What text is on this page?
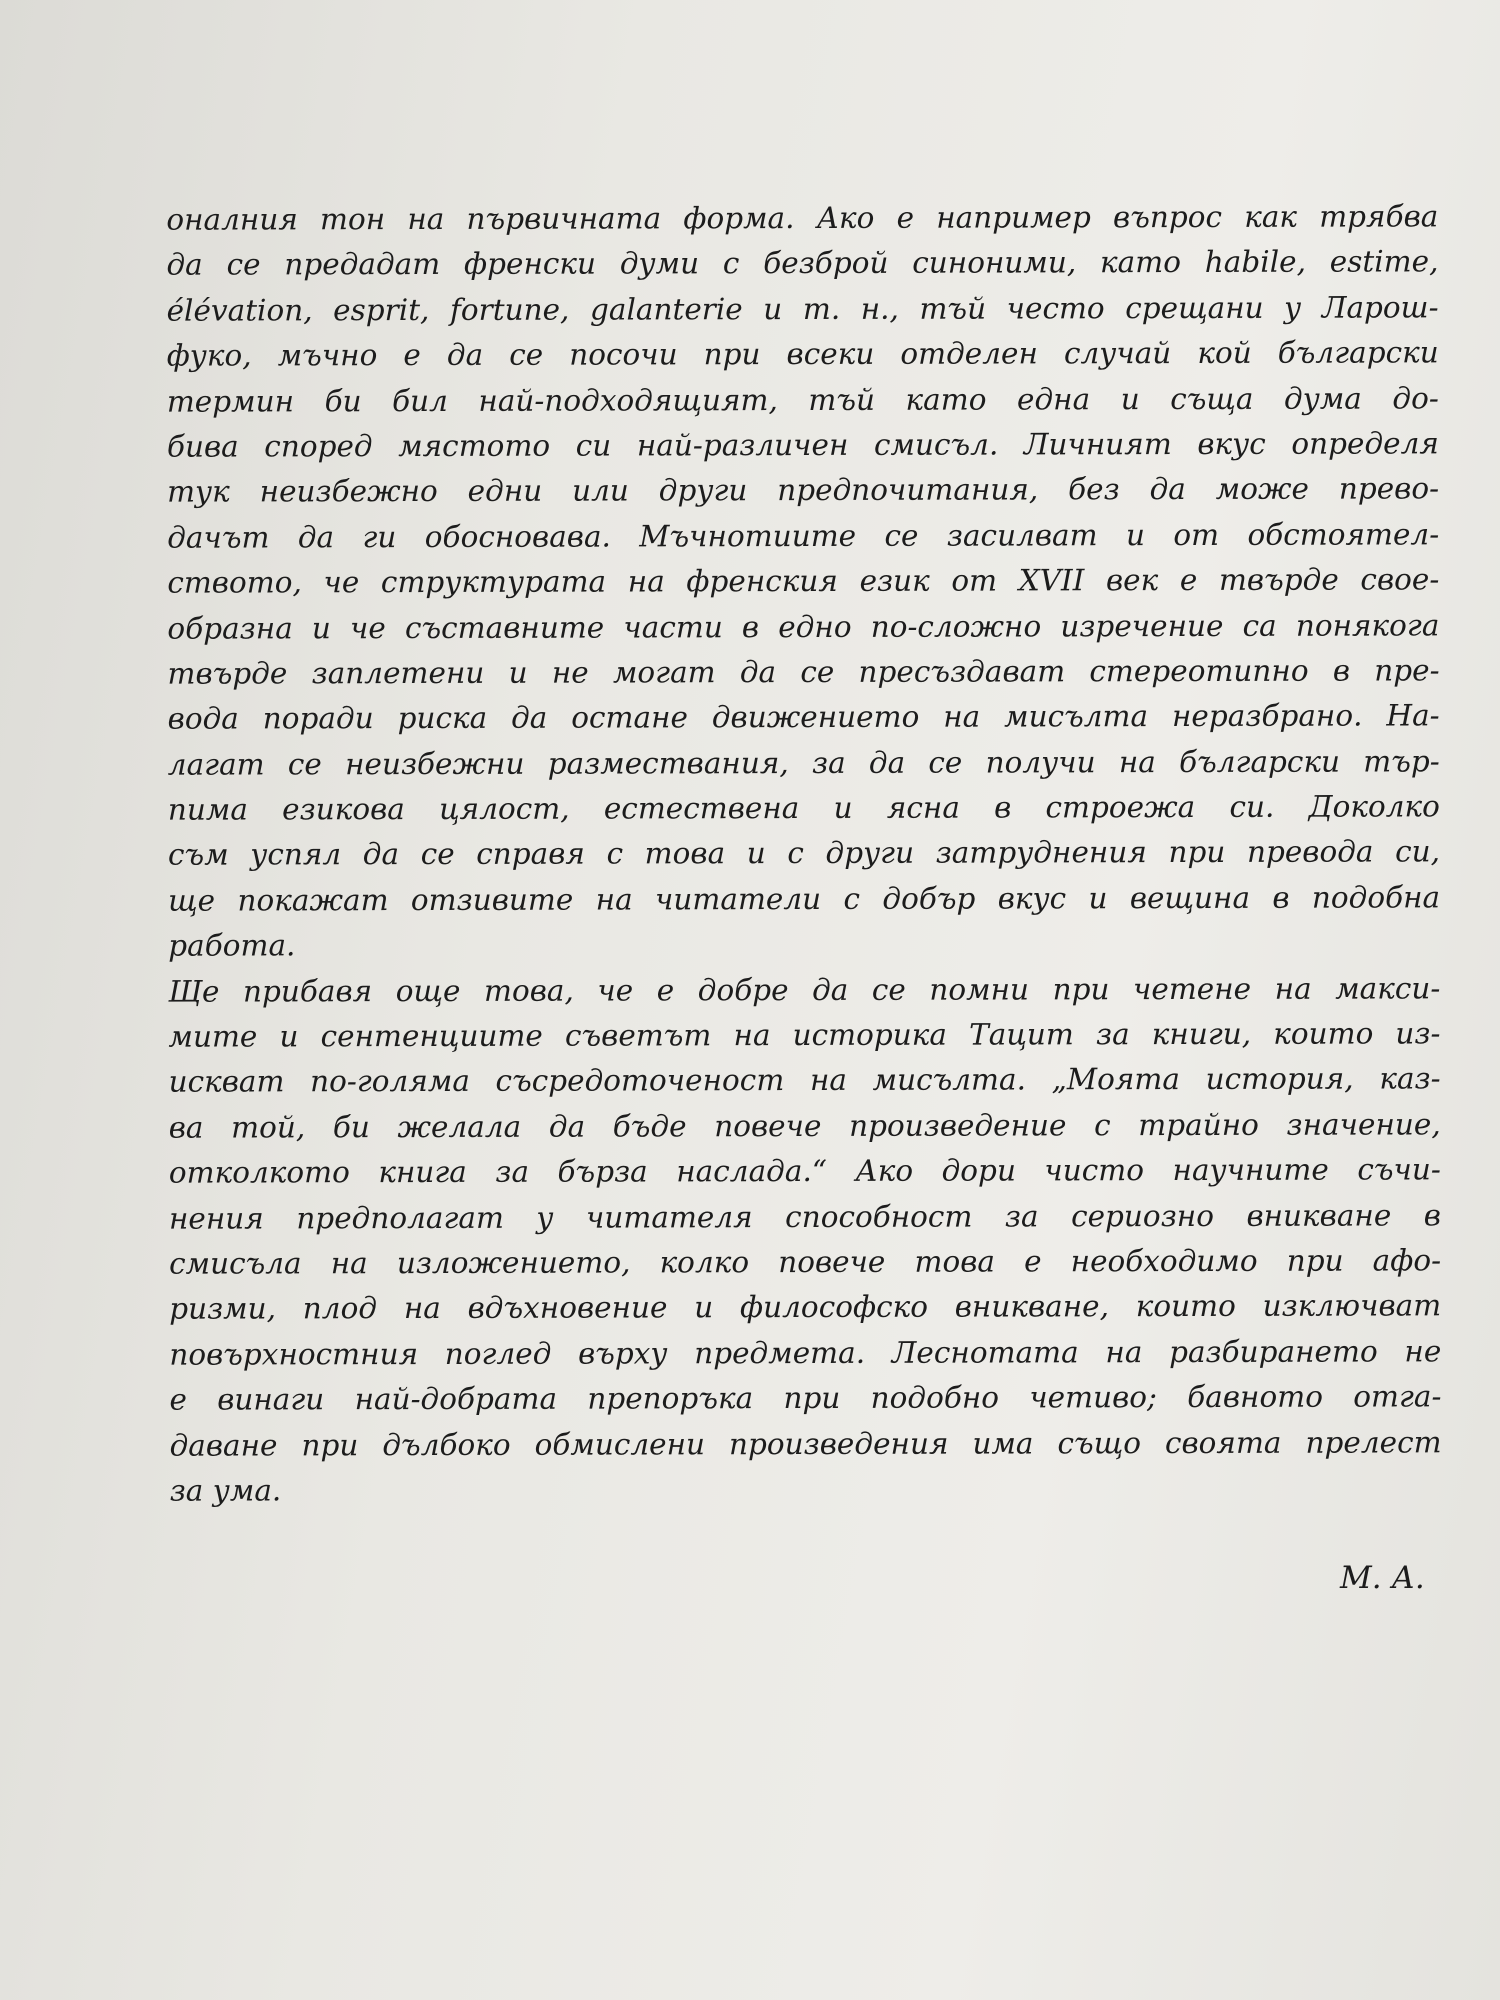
оналния тон на първичната форма. Ако е например въпрос как трябва
да се предадат френски думи с безброй синоними, като habile, estime,
élévation, esprit, fortune, galanterie и т. н., тъй често срещани у Ларош-
фуко, мъчно е да се посочи при всеки отделен случай кой български
термин би бил най-подходящият, тъй като една и съща дума до-
бива според мястото си най-различен смисъл. Личният вкус определя
тук неизбежно едни или други предпочитания, без да може прево-
дачът да ги обосновава. Мъчнотиите се засилват и от обстоятел-
ството, че структурата на френския език от XVII век е твърде свое-
образна и че съставните части в едно по-сложно изречение са понякога
твърде заплетени и не могат да се пресъздават стереотипно в пре-
вода поради риска да остане движението на мисълта неразбрано. На-
лагат се неизбежни размествания, за да се получи на български тър-
пима езикова цялост, естествена и ясна в строежа си. Доколко
съм успял да се справя с това и с други затруднения при превода си,
ще покажат отзивите на читатели с добър вкус и вещина в подобна
работа.
Ще прибавя още това, че е добре да се помни при четене на макси-
мите и сентенциите съветът на историка Тацит за книги, които из-
искват по-голяма съсредоточеност на мисълта. „Моята история, каз-
ва той, би желала да бъде повече произведение с трайно значение,
отколкото книга за бърза наслада.“ Ако дори чисто научните съчи-
нения предполагат у читателя способност за сериозно вникване в
смисъла на изложението, колко повече това е необходимо при афо-
ризми, плод на вдъхновение и философско вникване, които изключват
повърхностния поглед върху предмета. Леснотата на разбирането не
е винаги най-добрата препоръка при подобно четиво; бавното отга-
даване при дълбоко обмислени произведения има също своята прелест
за ума.
М. А.
